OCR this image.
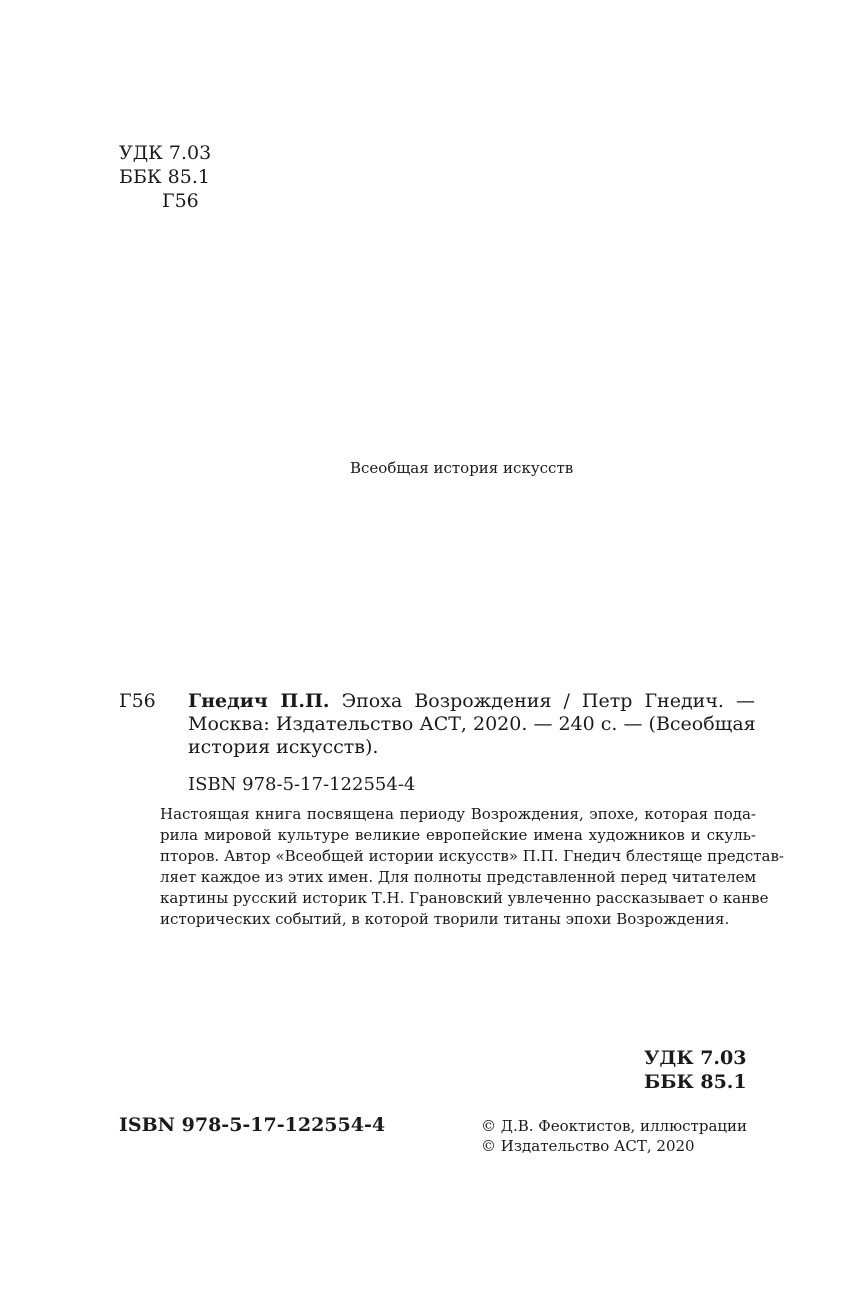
УДК 7.03
ББК 85.1
Г56
Всеобщая история искусств
Г56 Гнедич П.П. Эпоха Возрождения / Петр Гнедич. —
Москва: Издательство АСТ, 2020. — 240 с. — (Всеобщая
история искусств).
ISBN 978-5-17-122554-4
Настоящая книга посвящена периоду Возрождения, эпохе, которая пода-
рила мировой культуре великие европейские имена художников и скуль-
пторов. Автор «Всеобщей истории искусств» П.П. Гнедич блестяще представ-
ляет каждое из этих имен. Для полноты представленной перед читателем
картины русский историк Т.Н. Грановский увлеченно рассказывает о канве
исторических событий, в которой творили титаны эпохи Возрождения.
УДК 7.03
ББК 85.1
ISBN 978-5-17-122554-4	© Д.В. Феоктистов, иллюстрации
© Издательство АСТ, 2020
